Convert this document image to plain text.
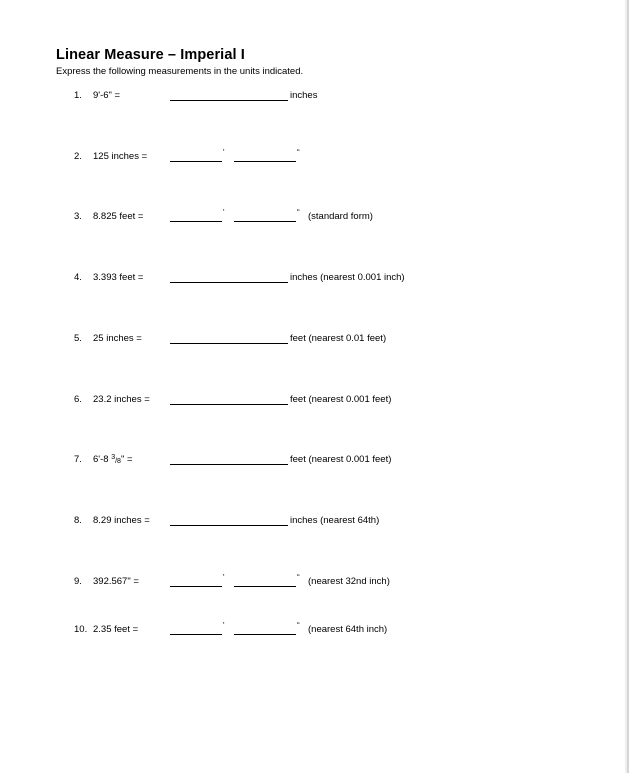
Linear Measure – Imperial I
Express the following measurements in the units indicated.
1. 9'-6" =	inches
2. 125 inches =	'	“
3. 8.825 feet =	'	“ (standard form)
4. 3.393 feet =	inches (nearest 0.001 inch)
5. 25 inches =	feet (nearest 0.01 feet)
6. 23.2 inches =	feet (nearest 0.001 feet)
7. 6'-8 $^3$/8" =	feet (nearest 0.001 feet)
8. 8.29 inches =	inches (nearest 64th)
9. 392.567" =	'	“ (nearest 32nd inch)
10. 2.35 feet =	'	“ (nearest 64th inch)
